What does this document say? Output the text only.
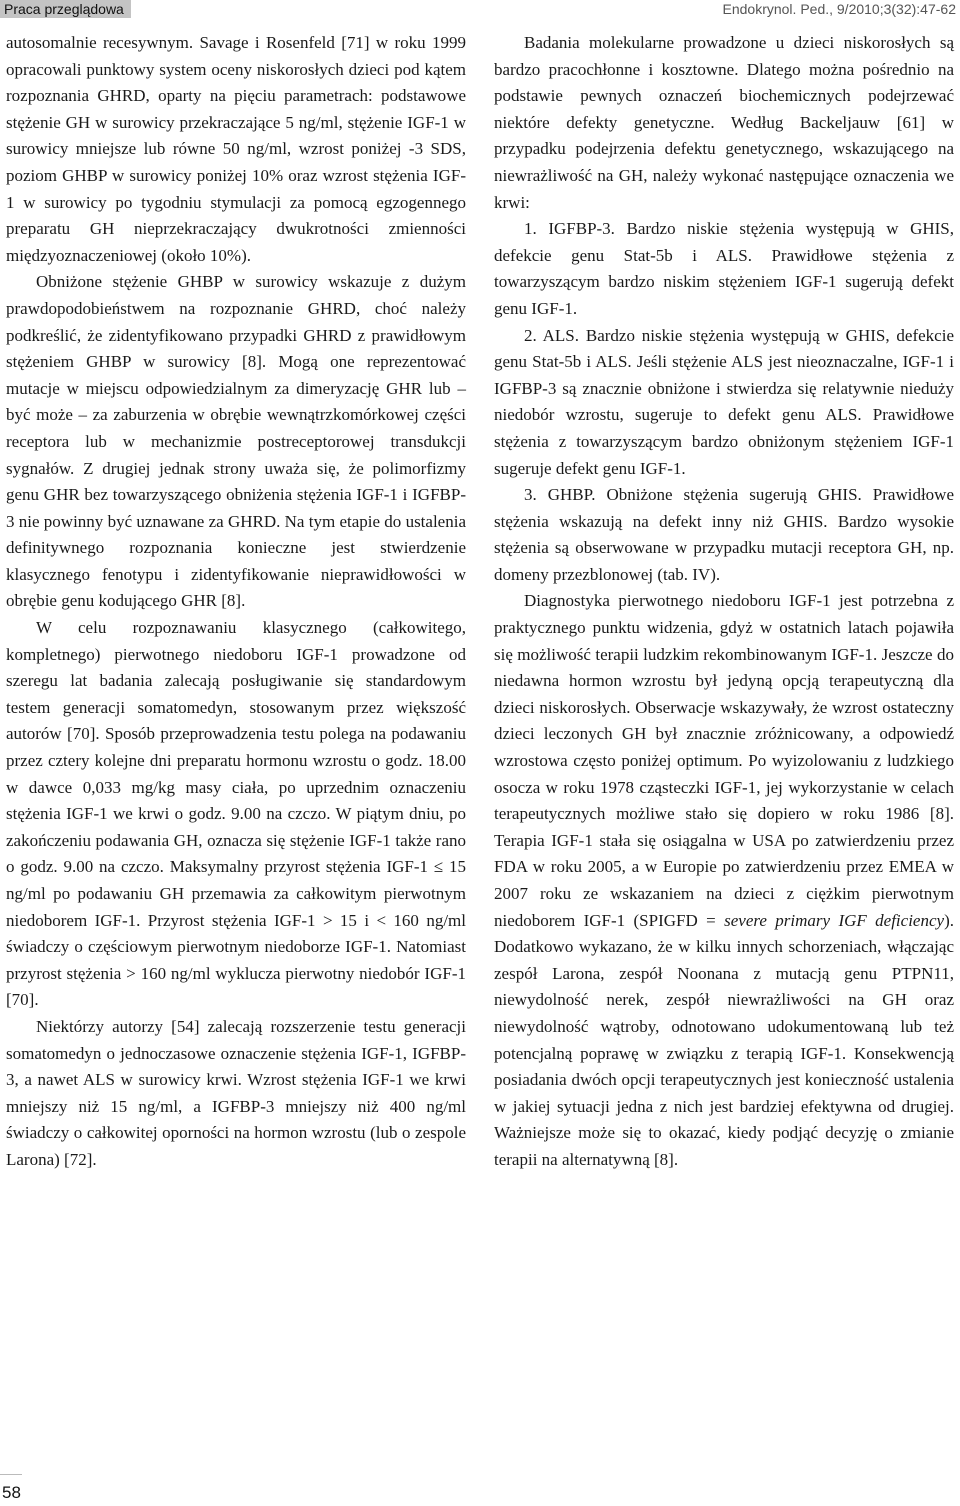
Praca przeglądowa	Endokrynol. Ped., 9/2010;3(32):47-62

autosomalnie recesywnym. Savage i Rosenfeld [71] w roku 1999 opracowali punktowy system oceny niskorosłych dzieci pod kątem rozpoznania GHRD, oparty na pięciu parametrach: podstawowe stężenie GH w surowicy przekraczające 5 ng/ml, stężenie IGF-1 w surowicy mniejsze lub równe 50 ng/ml, wzrost poniżej -3 SDS, poziom GHBP w surowicy poniżej 10% oraz wzrost stężenia IGF-1 w surowicy po tygodniu stymulacji za pomocą egzogennego preparatu GH nieprzekraczający dwukrotności zmienności międzyoznaczeniowej (około 10%).

Obniżone stężenie GHBP w surowicy wskazuje z dużym prawdopodobieństwem na rozpoznanie GHRD, choć należy podkreślić, że zidentyfikowano przypadki GHRD z prawidłowym stężeniem GHBP w surowicy [8]. Mogą one reprezentować mutacje w miejscu odpowiedzialnym za dimeryzację GHR lub – być może – za zaburzenia w obrębie wewnątrzkomórkowej części receptora lub w mechanizmie postreceptorowej transdukcji sygnałów. Z drugiej jednak strony uważa się, że polimorfizmy genu GHR bez towarzyszącego obniżenia stężenia IGF-1 i IGFBP-3 nie powinny być uznawane za GHRD. Na tym etapie do ustalenia definitywnego rozpoznania konieczne jest stwierdzenie klasycznego fenotypu i zidentyfikowanie nieprawidłowości w obrębie genu kodującego GHR [8].

W celu rozpoznawaniu klasycznego (całkowitego, kompletnego) pierwotnego niedoboru IGF-1 prowadzone od szeregu lat badania zalecają posługiwanie się standardowym testem generacji somatomedyn, stosowanym przez większość autorów [70]. Sposób przeprowadzenia testu polega na podawaniu przez cztery kolejne dni preparatu hormonu wzrostu o godz. 18.00 w dawce 0,033 mg/kg masy ciała, po uprzednim oznaczeniu stężenia IGF-1 we krwi o godz. 9.00 na czczo. W piątym dniu, po zakończeniu podawania GH, oznacza się stężenie IGF-1 także rano o godz. 9.00 na czczo. Maksymalny przyrost stężenia IGF-1 ≤ 15 ng/ml po podawaniu GH przemawia za całkowitym pierwotnym niedoborem IGF-1. Przyrost stężenia IGF-1 > 15 i < 160 ng/ml świadczy o częściowym pierwotnym niedoborze IGF-1. Natomiast przyrost stężenia > 160 ng/ml wyklucza pierwotny niedobór IGF-1 [70].

Niektórzy autorzy [54] zalecają rozszerzenie testu generacji somatomedyn o jednoczasowe oznaczenie stężenia IGF-1, IGFBP-3, a nawet ALS w surowicy krwi. Wzrost stężenia IGF-1 we krwi mniejszy niż 15 ng/ml, a IGFBP-3 mniejszy niż 400 ng/ml świadczy o całkowitej oporności na hormon wzrostu (lub o zespole Larona) [72].

Badania molekularne prowadzone u dzieci niskorosłych są bardzo pracochłonne i kosztowne. Dlatego można pośrednio na podstawie pewnych oznaczeń biochemicznych podejrzewać niektóre defekty genetyczne. Według Backeljauw [61] w przypadku podejrzenia defektu genetycznego, wskazującego na niewrażliwość na GH, należy wykonać następujące oznaczenia we krwi:

1. IGFBP-3. Bardzo niskie stężenia występują w GHIS, defekcie genu Stat-5b i ALS. Prawidłowe stężenia z towarzyszącym bardzo niskim stężeniem IGF-1 sugerują defekt genu IGF-1.

2. ALS. Bardzo niskie stężenia występują w GHIS, defekcie genu Stat-5b i ALS. Jeśli stężenie ALS jest nieoznaczalne, IGF-1 i IGFBP-3 są znacznie obniżone i stwierdza się relatywnie nieduży niedobór wzrostu, sugeruje to defekt genu ALS. Prawidłowe stężenia z towarzyszącym bardzo obniżonym stężeniem IGF-1 sugeruje defekt genu IGF-1.

3. GHBP. Obniżone stężenia sugerują GHIS. Prawidłowe stężenia wskazują na defekt inny niż GHIS. Bardzo wysokie stężenia są obserwowane w przypadku mutacji receptora GH, np. domeny przezblonowej (tab. IV).

Diagnostyka pierwotnego niedoboru IGF-1 jest potrzebna z praktycznego punktu widzenia, gdyż w ostatnich latach pojawiła się możliwość terapii ludzkim rekombinowanym IGF-1. Jeszcze do niedawna hormon wzrostu był jedyną opcją terapeutyczną dla dzieci niskorosłych. Obserwacje wskazywały, że wzrost ostateczny dzieci leczonych GH był znacznie zróżnicowany, a odpowiedź wzrostowa często poniżej optimum. Po wyizolowaniu z ludzkiego osocza w roku 1978 cząsteczki IGF-1, jej wykorzystanie w celach terapeutycznych możliwe stało się dopiero w roku 1986 [8]. Terapia IGF-1 stała się osiągalna w USA po zatwierdzeniu przez FDA w roku 2005, a w Europie po zatwierdzeniu przez EMEA w 2007 roku ze wskazaniem na dzieci z ciężkim pierwotnym niedoborem IGF-1 (SPIGFD = severe primary IGF deficiency). Dodatkowo wykazano, że w kilku innych schorzeniach, włączając zespół Larona, zespół Noonana z mutacją genu PTPN11, niewydolność nerek, zespół niewrażliwości na GH oraz niewydolność wątroby, odnotowano udokumentowaną lub też potencjalną poprawę w związku z terapią IGF-1. Konsekwencją posiadania dwóch opcji terapeutycznych jest konieczność ustalenia w jakiej sytuacji jedna z nich jest bardziej efektywna od drugiej. Ważniejsze może się to okazać, kiedy podjąć decyzję o zmianie terapii na alternatywną [8].

58
